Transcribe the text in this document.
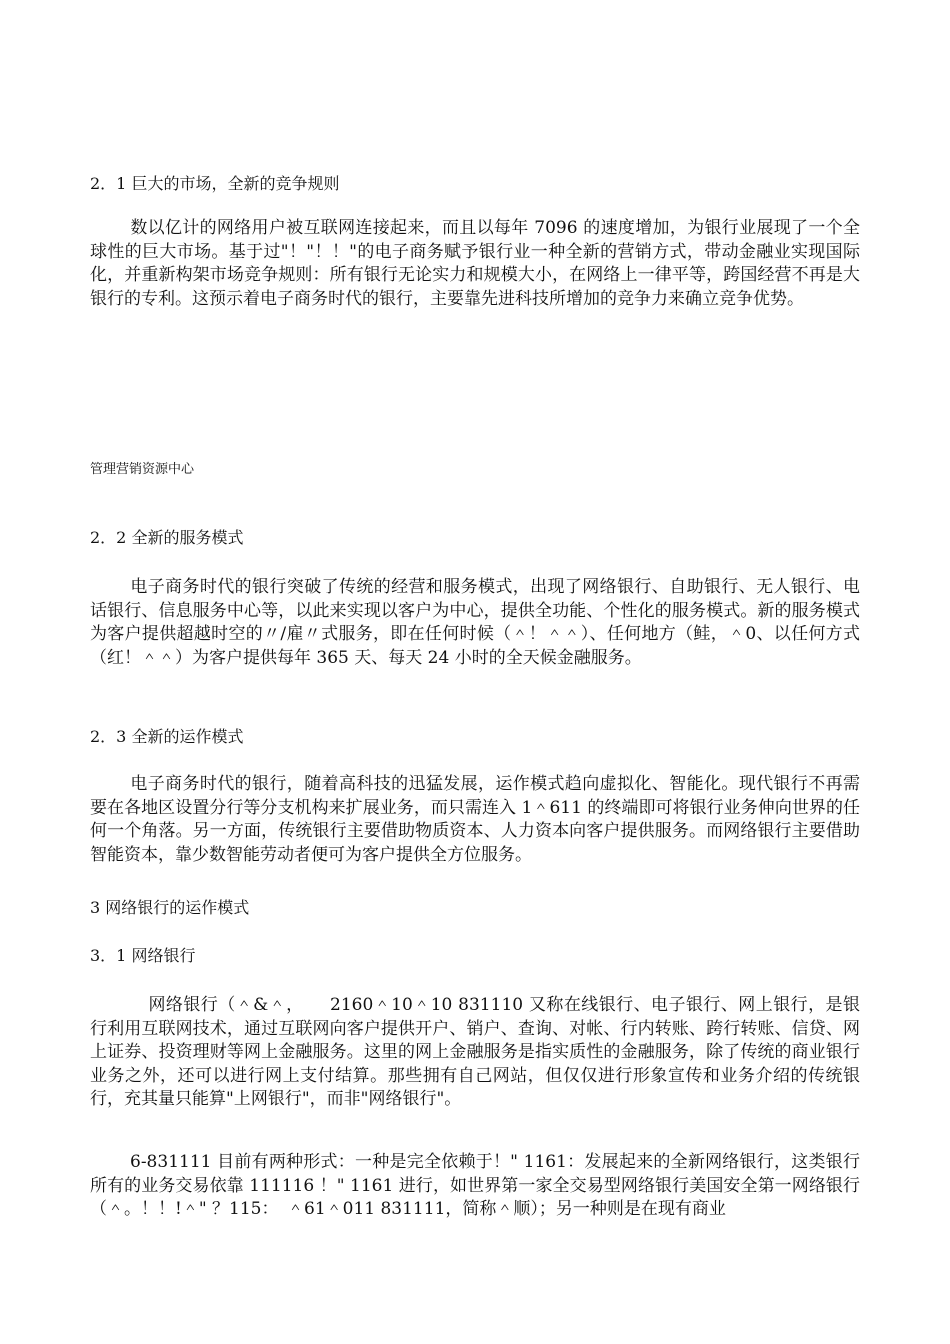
2．1 巨大的市场，全新的竞争规则
数以亿计的网络用户被互联网连接起来，而且以每年 7096 的速度增加，为银行业展现了一个全球性的巨大市场。基于过"！"！！"的电子商务赋予银行业一种全新的营销方式，带动金融业实现国际化，并重新构架市场竞争规则：所有银行无论实力和规模大小，在网络上一律平等，跨国经营不再是大银行的专利。这预示着电子商务时代的银行，主要靠先进科技所增加的竞争力来确立竞争优势。
管理营销资源中心
2．2 全新的服务模式
电子商务时代的银行突破了传统的经营和服务模式，出现了网络银行、自助银行、无人银行、电话银行、信息服务中心等，以此来实现以客户为中心，提供全功能、个性化的服务模式。新的服务模式为客户提供超越时空的〃/雇〃式服务，即在任何时候（＾！＾＾）、任何地方（鲑，＾0、以任何方式（红！＾＾）为客户提供每年 365 天、每天 24 小时的全天候金融服务。
2．3 全新的运作模式
电子商务时代的银行，随着高科技的迅猛发展，运作模式趋向虚拟化、智能化。现代银行不再需要在各地区设置分行等分支机构来扩展业务，而只需连入 1＾611 的终端即可将银行业务伸向世界的任何一个角落。另一方面，传统银行主要借助物质资本、人力资本向客户提供服务。而网络银行主要借助智能资本，靠少数智能劳动者便可为客户提供全方位服务。
3 网络银行的运作模式
3．1 网络银行
网络银行（＾&＾，　　2160＾10＾10 831110 又称在线银行、电子银行、网上银行，是银行利用互联网技术，通过互联网向客户提供开户、销户、查询、对帐、行内转账、跨行转账、信贷、网上证券、投资理财等网上金融服务。这里的网上金融服务是指实质性的金融服务，除了传统的商业银行业务之外，还可以进行网上支付结算。那些拥有自己网站，但仅仅进行形象宣传和业务介绍的传统银行，充其量只能算"上网银行"，而非"网络银行"。
6-831111 目前有两种形式：一种是完全依赖于！" 1161：发展起来的全新网络银行，这类银行所有的业务交易依靠 111116 ！" 1161 进行，如世界第一家全交易型网络银行美国安全第一网络银行（＾。！！!＾" ？115：　＾61＾011 831111，简称＾顺）；另一种则是在现有商业
